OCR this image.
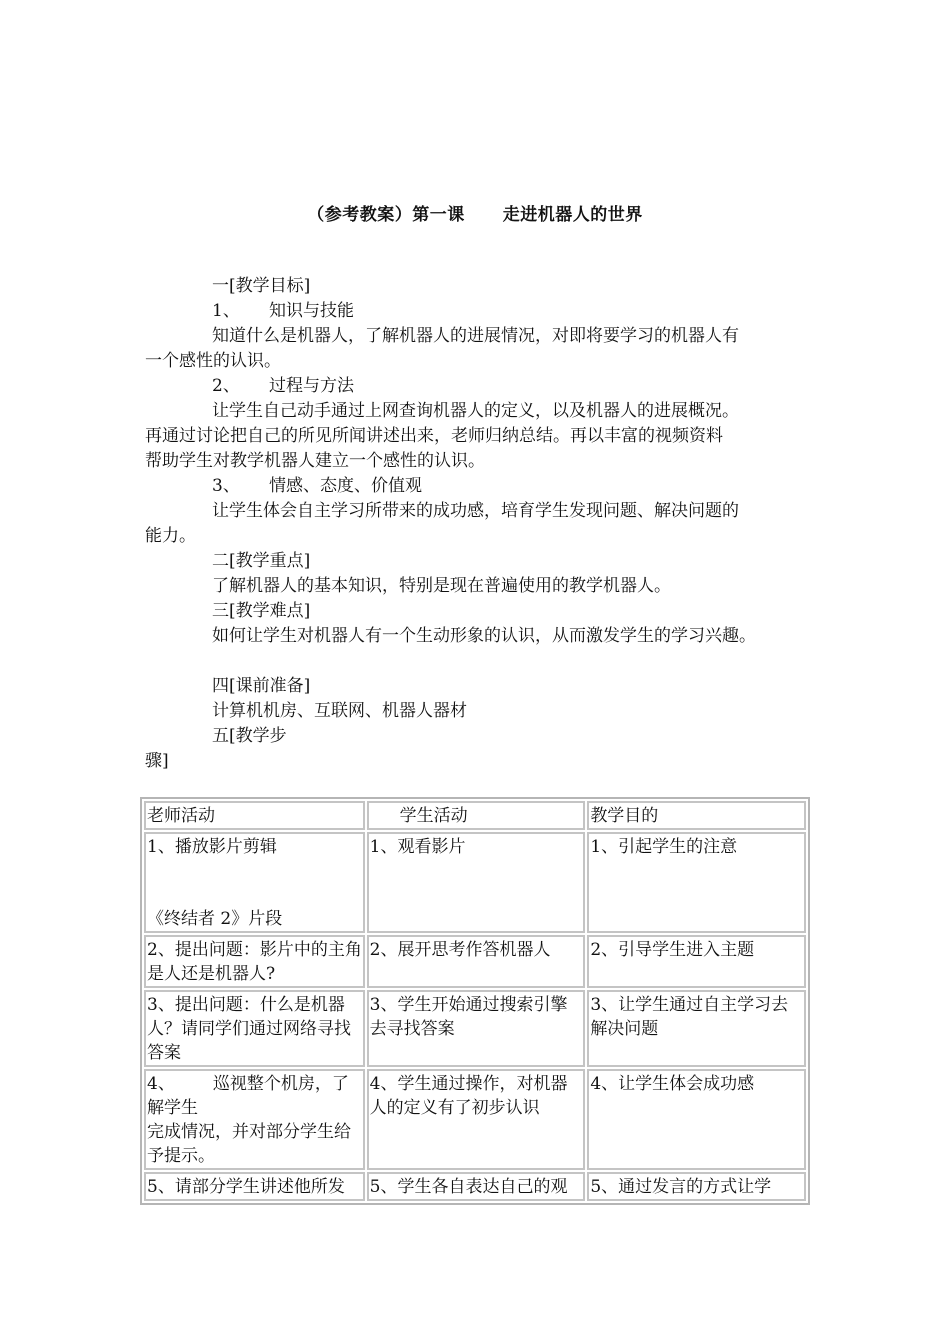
（参考教案）第一课 走进机器人的世界
一[教学目标]
1、 知识与技能
知道什么是机器人，了解机器人的进展情况，对即将要学习的机器人有
一个感性的认识。
2、 过程与方法
让学生自己动手通过上网查询机器人的定义，以及机器人的进展概况。
再通过讨论把自己的所见所闻讲述出来，老师归纳总结。再以丰富的视频资料
帮助学生对教学机器人建立一个感性的认识。
3、 情感、态度、价值观
让学生体会自主学习所带来的成功感，培育学生发现问题、解决问题的
能力。
二[教学重点]
了解机器人的基本知识，特别是现在普遍使用的教学机器人。
三[教学难点]
如何让学生对机器人有一个生动形象的认识，从而激发学生的学习兴趣。
四[课前准备]
计算机机房、互联网、机器人器材
五[教学步
骤]
老师活动	学生活动	教学目的

1、播放影片剪辑
《终结者 2》片段	1、观看影片	1、引起学生的注意
2、提出问题：影片中的主角是人还是机器人?	2、展开思考作答机器人	2、引导学生进入主题
3、提出问题：什么是机器人？请同学们通过网络寻找答案	3、学生开始通过搜索引擎去寻找答案	3、让学生通过自主学习去解决问题

4、 巡视整个机房，了解学生
完成情况，并对部分学生给予提示。	4、学生通过操作，对机器人的定义有了初步认识	4、让学生体会成功感
5、请部分学生讲述他所发	5、学生各自表达自己的观	5、通过发言的方式让学
